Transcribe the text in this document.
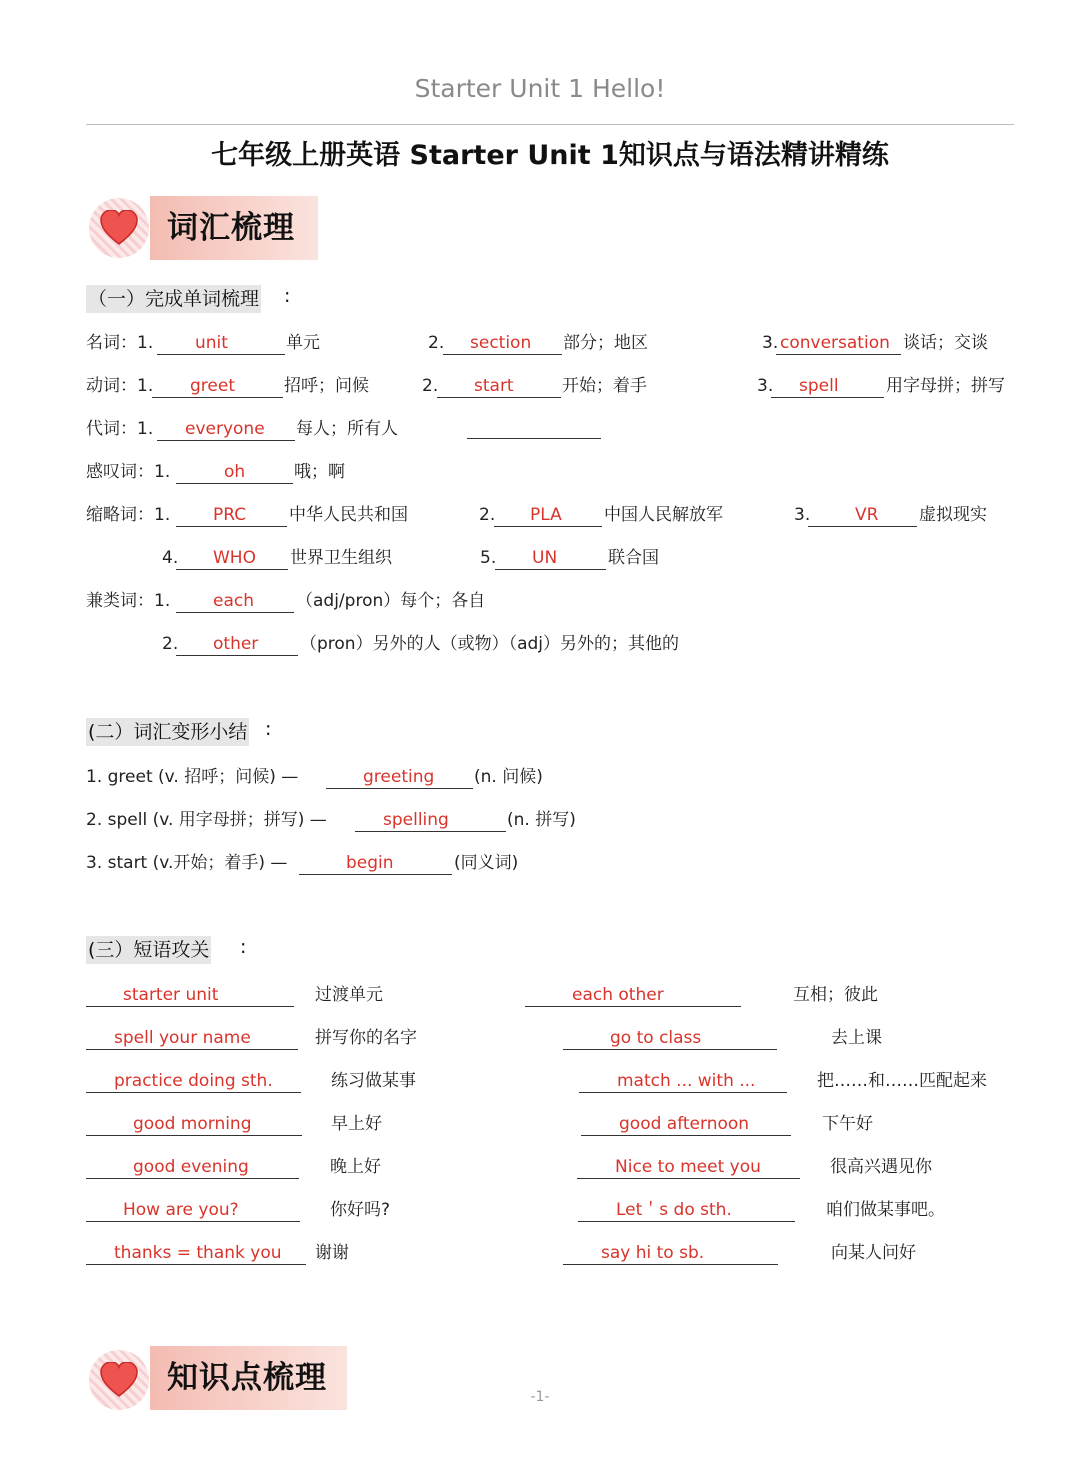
Starter Unit 1 Hello!
七年级上册英语 Starter Unit 1知识点与语法精讲精练
词汇梳理
（一）完成单词梳理 :
名词：1.	unit	单元	2.	section	部分；地区	3. conversation 谈话；交谈
动词：1.	greet	招呼；问候	2.	start	开始；着手	3.	spell	用字母拼；拼写
代词：1.	everyone	每人；所有人
感叹词：1.	oh	哦；啊
缩略词：1.	PRC	中华人民共和国	2.	PLA	中国人民解放军	3.	VR	虚拟现实
4.	WHO	世界卫生组织	5.	UN	联合国
兼类词：1.	each	（adj/pron）每个；各自
2.	other	（pron）另外的人（或物）（adj）另外的；其他的
(二）词汇变形小结 :
1. greet (v. 招呼；问候) —	greeting	(n. 问候)
2. spell (v. 用字母拼；拼写) —	spelling	(n. 拼写)
3. start (v.开始；着手) —	begin	(同义词)
(三）短语攻关 :
starter unit	过渡单元
spell your name	拼写你的名字
practice doing sth.	练习做某事
good morning	早上好
good evening	晚上好
How are you?	你好吗?
thanks = thank you	谢谢
each other	互相；彼此
go to class	去上课
match ... with ...	把……和……匹配起来
good afternoon	下午好
Nice to meet you	很高兴遇见你
Let＇s do sth.	咱们做某事吧。
say hi to sb.	向某人问好
知识点梳理
-1-
